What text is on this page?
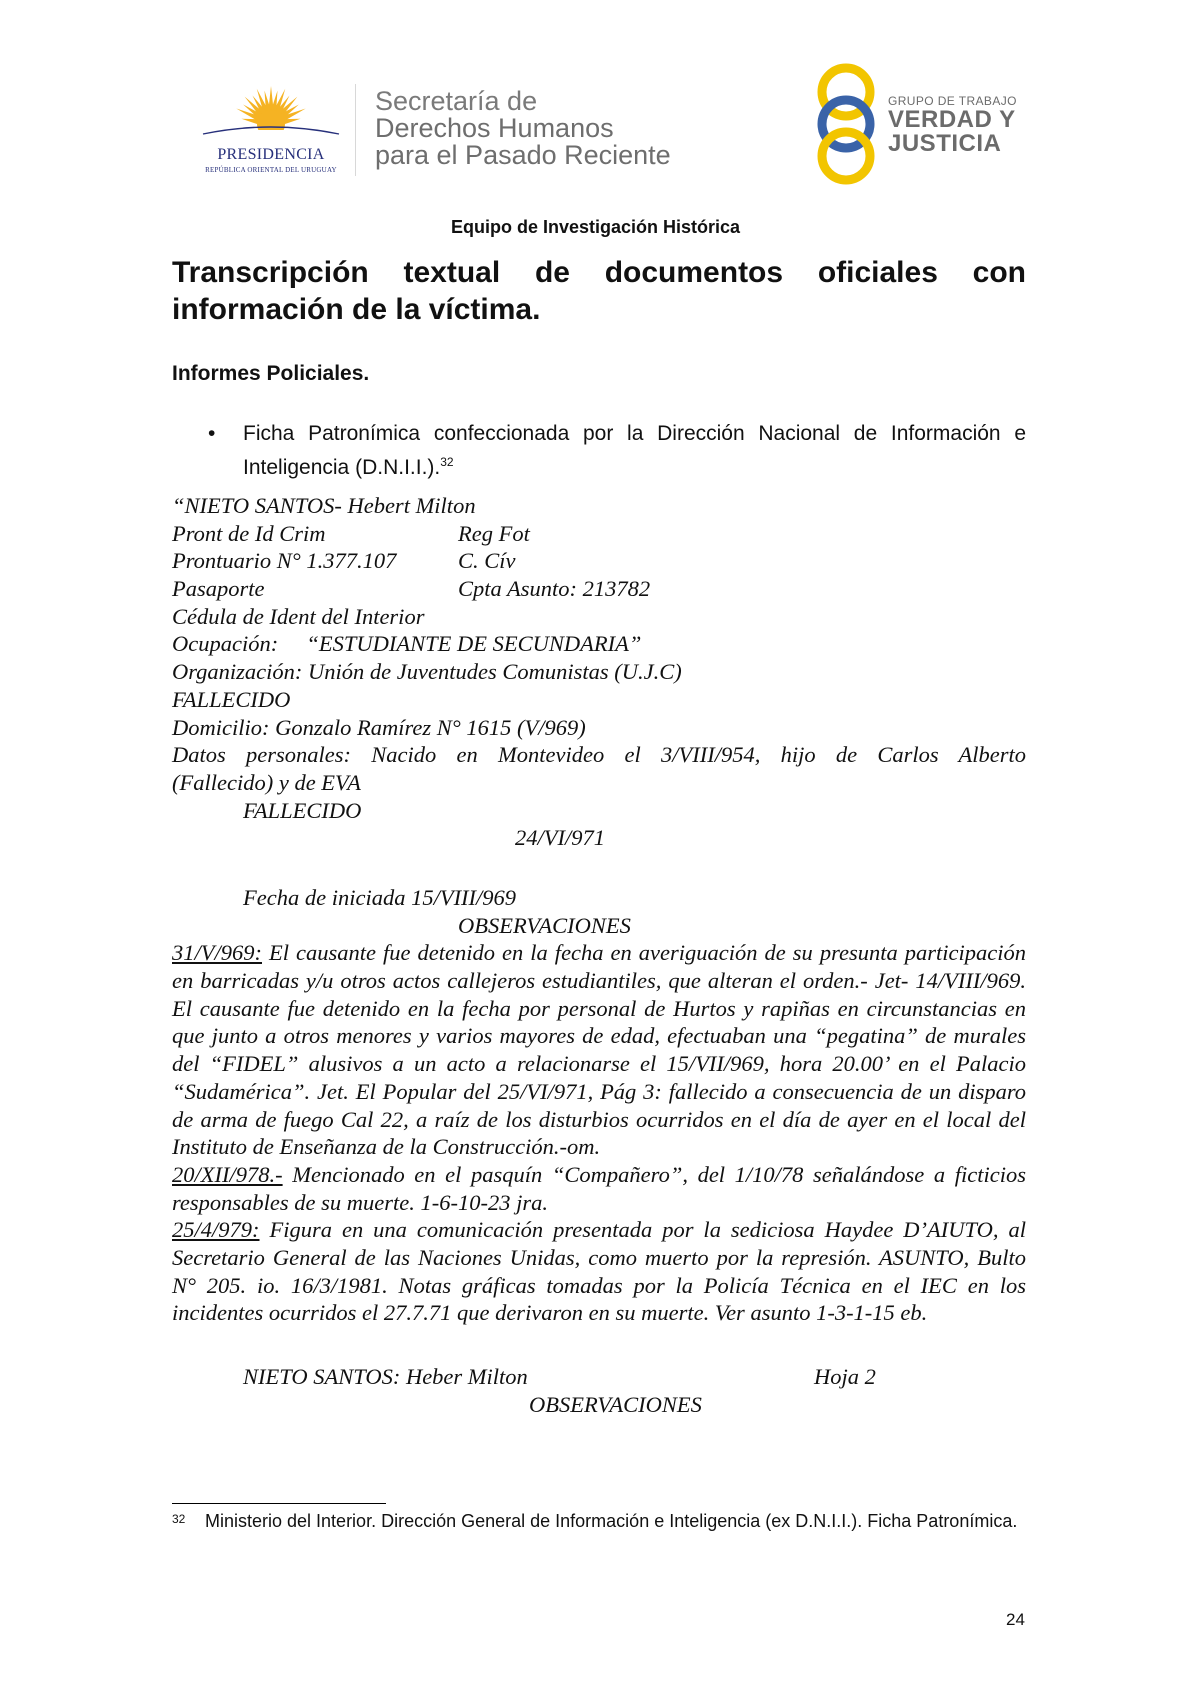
PRESIDENCIA
REPÚBLICA ORIENTAL DEL URUGUAY
Secretaría de
Derechos Humanos
para el Pasado Reciente
GRUPO DE TRABAJO
VERDAD Y
JUSTICIA
Equipo de Investigación Histórica
Transcripción textual de documentos oficiales con información de la víctima.
Informes Policiales.
• Ficha Patronímica confeccionada por la Dirección Nacional de Información e Inteligencia (D.N.I.I.).$^{32}$
“NIETO SANTOS- Hebert Milton
Pront de Id Crim	Reg Fot
Prontuario N° 1.377.107	C. Cív
Pasaporte	Cpta Asunto: 213782
Cédula de Ident del Interior
Ocupación:     “ESTUDIANTE DE SECUNDARIA”
Organización: Unión de Juventudes Comunistas (U.J.C)
FALLECIDO
Domicilio: Gonzalo Ramírez N° 1615 (V/969)
Datos personales: Nacido en Montevideo el 3/VIII/954, hijo de Carlos Alberto
(Fallecido) y de EVA
FALLECIDO
24/VI/971
Fecha de iniciada 15/VIII/969
OBSERVACIONES
31/V/969: El causante fue detenido en la fecha en averiguación de su presunta participación en barricadas y/u otros actos callejeros estudiantiles, que alteran el orden.- Jet- 14/VIII/969. El causante fue detenido en la fecha por personal de Hurtos y rapiñas en circunstancias en que junto a otros menores y varios mayores de edad, efectuaban una “pegatina” de murales del “FIDEL” alusivos a un acto a relacionarse el 15/VII/969, hora 20.00’ en el Palacio “Sudamérica”. Jet. El Popular del 25/VI/971, Pág 3: fallecido a consecuencia de un disparo de arma de fuego Cal 22, a raíz de los disturbios ocurridos en el día de ayer en el local del Instituto de Enseñanza de la Construcción.-om.
20/XII/978.- Mencionado en el pasquín “Compañero”, del 1/10/78 señalándose a ficticios responsables de su muerte. 1-6-10-23 jra.
25/4/979: Figura en una comunicación presentada por la sediciosa Haydee D’AIUTO, al Secretario General de las Naciones Unidas, como muerto por la represión. ASUNTO, Bulto N° 205. io. 16/3/1981. Notas gráficas tomadas por la Policía Técnica en el IEC en los incidentes ocurridos el 27.7.71 que derivaron en su muerte. Ver asunto 1-3-1-15 eb.
NIETO SANTOS: Heber Milton	Hoja 2
OBSERVACIONES
32 Ministerio del Interior. Dirección General de Información e Inteligencia (ex D.N.I.I.). Ficha Patronímica.
24
